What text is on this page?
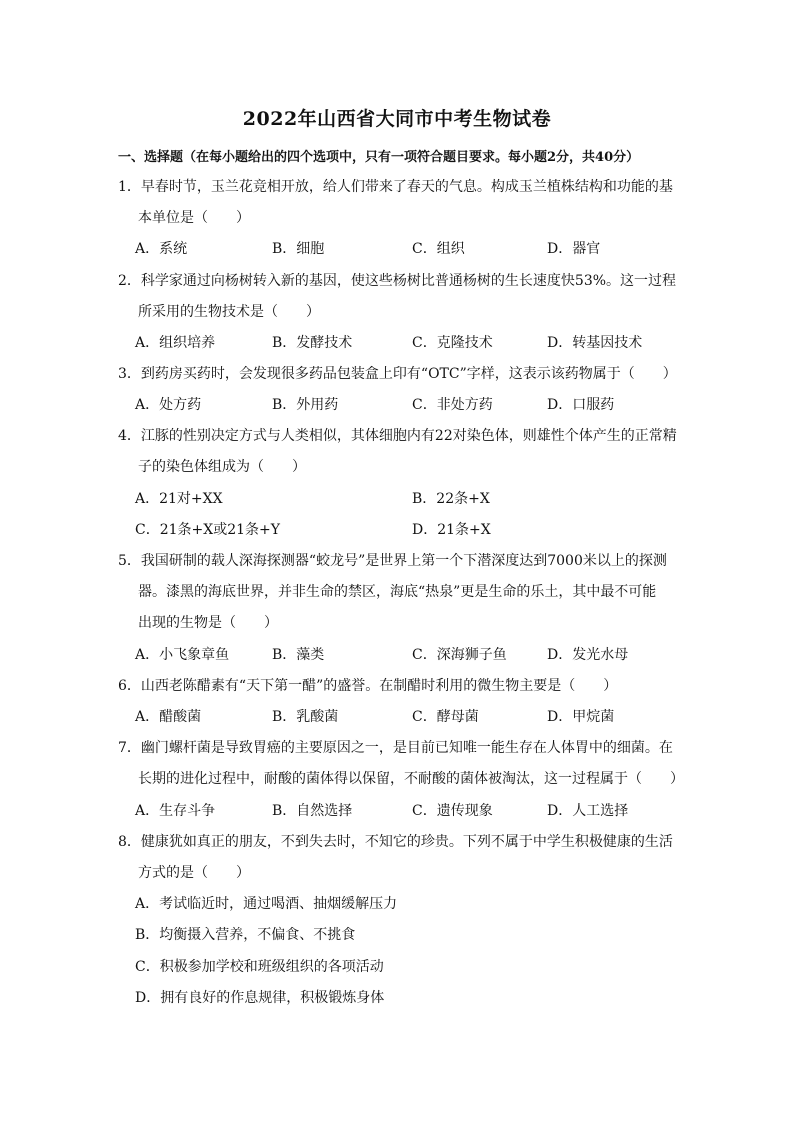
2022年山西省大同市中考生物试卷
一、选择题（在每小题给出的四个选项中，只有一项符合题目要求。每小题2分，共40分）
1．早春时节，玉兰花竞相开放，给人们带来了春天的气息。构成玉兰植株结构和功能的基
本单位是（　　）
A．系统	B．细胞	C．组织	D．器官
2．科学家通过向杨树转入新的基因，使这些杨树比普通杨树的生长速度快53%。这一过程
所采用的生物技术是（　　）
A．组织培养	B．发酵技术	C．克隆技术	D．转基因技术
3．到药房买药时，会发现很多药品包装盒上印有“OTC”字样，这表示该药物属于（　　）
A．处方药	B．外用药	C．非处方药	D．口服药
4．江豚的性别决定方式与人类相似，其体细胞内有22对染色体，则雄性个体产生的正常精
子的染色体组成为（　　）
A．21对+XX	B．22条+X
C．21条+X或21条+Y	D．21条+X
5．我国研制的载人深海探测器“蛟龙号”是世界上第一个下潜深度达到7000米以上的探测
器。漆黑的海底世界，并非生命的禁区，海底“热泉”更是生命的乐土，其中最不可能
出现的生物是（　　）
A．小飞象章鱼	B．藻类	C．深海狮子鱼	D．发光水母
6．山西老陈醋素有“天下第一醋”的盛誉。在制醋时利用的微生物主要是（　　）
A．醋酸菌	B．乳酸菌	C．酵母菌	D．甲烷菌
7．幽门螺杆菌是导致胃癌的主要原因之一，是目前已知唯一能生存在人体胃中的细菌。在
长期的进化过程中，耐酸的菌体得以保留，不耐酸的菌体被淘汰，这一过程属于（　　）
A．生存斗争	B．自然选择	C．遗传现象	D．人工选择
8．健康犹如真正的朋友，不到失去时，不知它的珍贵。下列不属于中学生积极健康的生活
方式的是（　　）
A．考试临近时，通过喝酒、抽烟缓解压力
B．均衡摄入营养，不偏食、不挑食
C．积极参加学校和班级组织的各项活动
D．拥有良好的作息规律，积极锻炼身体
